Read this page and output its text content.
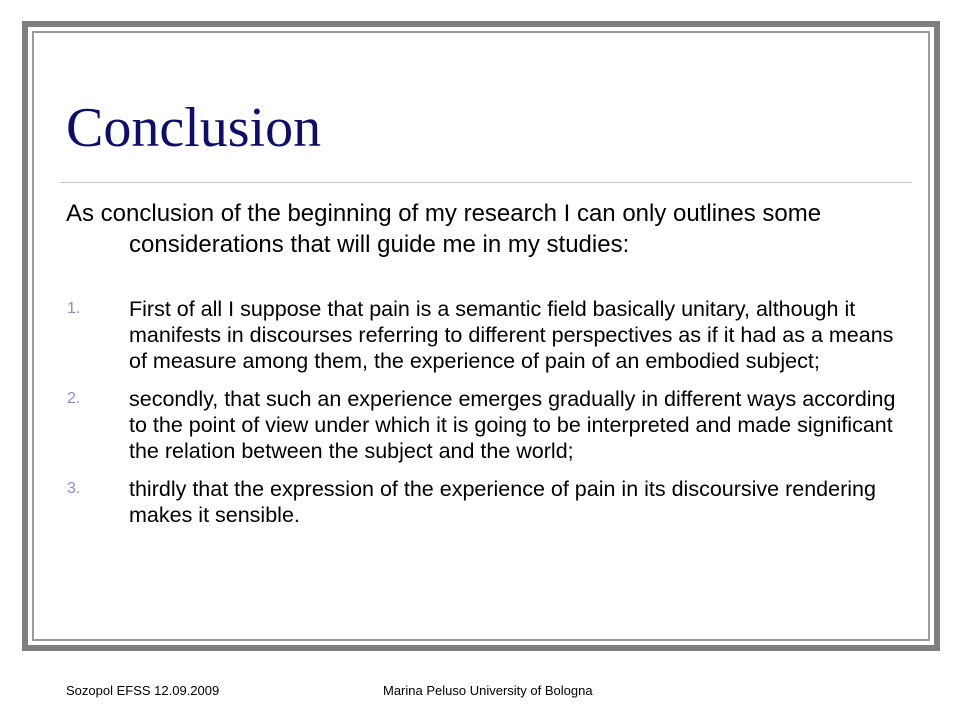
Conclusion

As conclusion of the beginning of my research I can only outlines some considerations that will guide me in my studies:

1. First of all I suppose that pain is a semantic field basically unitary, although it manifests in discourses referring to different perspectives as if it had as a means of measure among them, the experience of pain of an embodied subject;
2. secondly, that such an experience emerges gradually in different ways according to the point of view under which it is going to be interpreted and made significant the relation between the subject and the world;
3. thirdly that the expression of the experience of pain in its discoursive rendering makes it sensible.
Sozopol EFSS 12.09.2009	Marina Peluso University of Bologna
